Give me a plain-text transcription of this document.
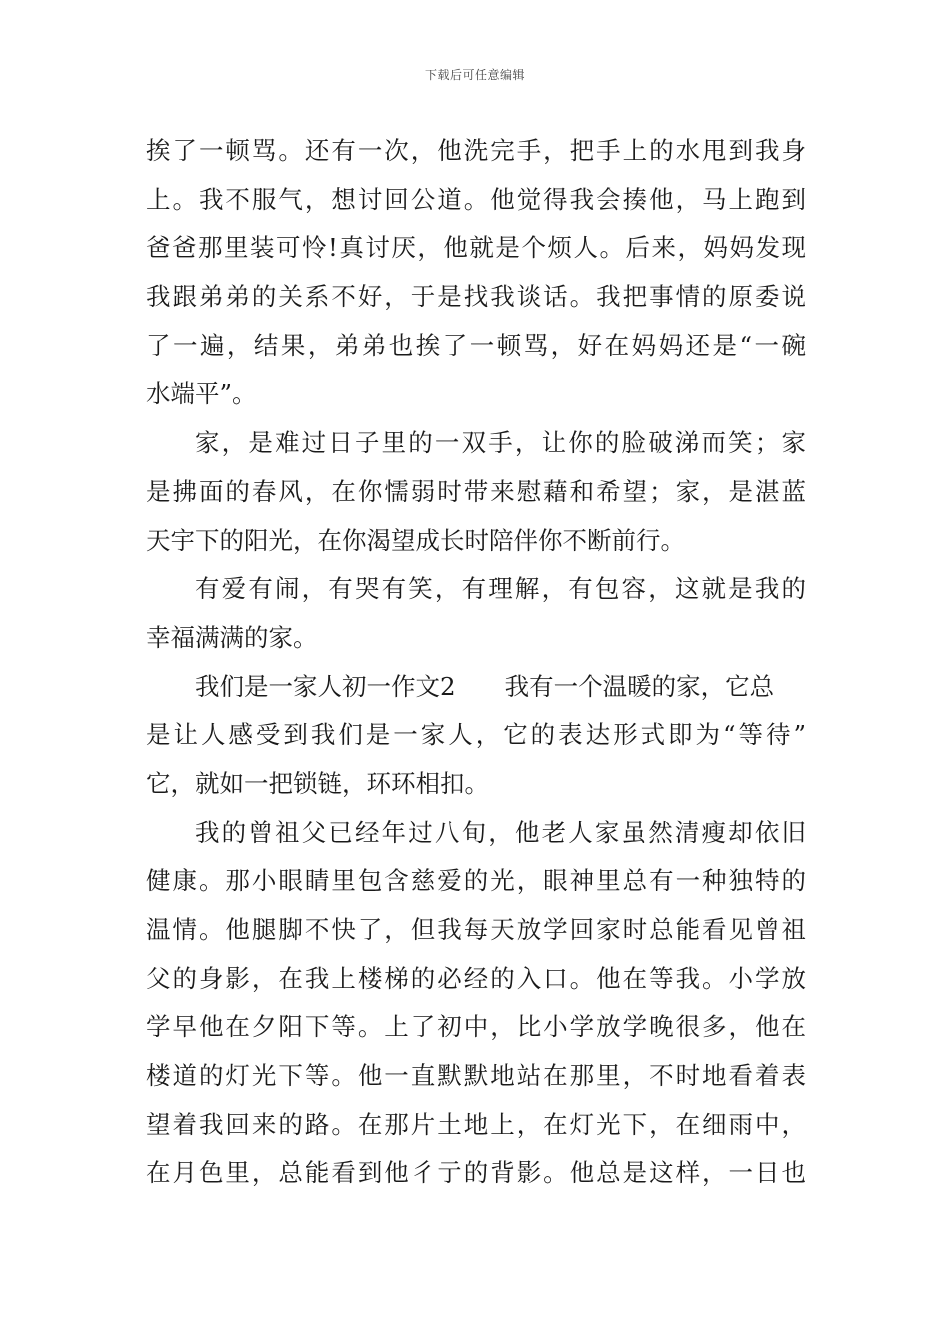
下载后可任意编辑
挨了一顿骂。还有一次，他洗完手，把手上的水甩到我身
上。我不服气，想讨回公道。他觉得我会揍他，马上跑到
爸爸那里装可怜!真讨厌，他就是个烦人。后来，妈妈发现
我跟弟弟的关系不好，于是找我谈话。我把事情的原委说
了一遍，结果，弟弟也挨了一顿骂，好在妈妈还是“一碗
水端平”。
家，是难过日子里的一双手，让你的脸破涕而笑；家
是拂面的春风，在你懦弱时带来慰藉和希望；家，是湛蓝
天宇下的阳光，在你渴望成长时陪伴你不断前行。
有爱有闹，有哭有笑，有理解，有包容，这就是我的
幸福满满的家。
我们是一家人初一作文2　　我有一个温暖的家，它总
是让人感受到我们是一家人，它的表达形式即为“等待”
它，就如一把锁链，环环相扣。
我的曾祖父已经年过八旬，他老人家虽然清瘦却依旧
健康。那小眼睛里包含慈爱的光，眼神里总有一种独特的
温情。他腿脚不快了，但我每天放学回家时总能看见曾祖
父的身影，在我上楼梯的必经的入口。他在等我。小学放
学早他在夕阳下等。上了初中，比小学放学晚很多，他在
楼道的灯光下等。他一直默默地站在那里，不时地看着表
望着我回来的路。在那片土地上，在灯光下，在细雨中，
在月色里，总能看到他彳亍的背影。他总是这样，一日也
